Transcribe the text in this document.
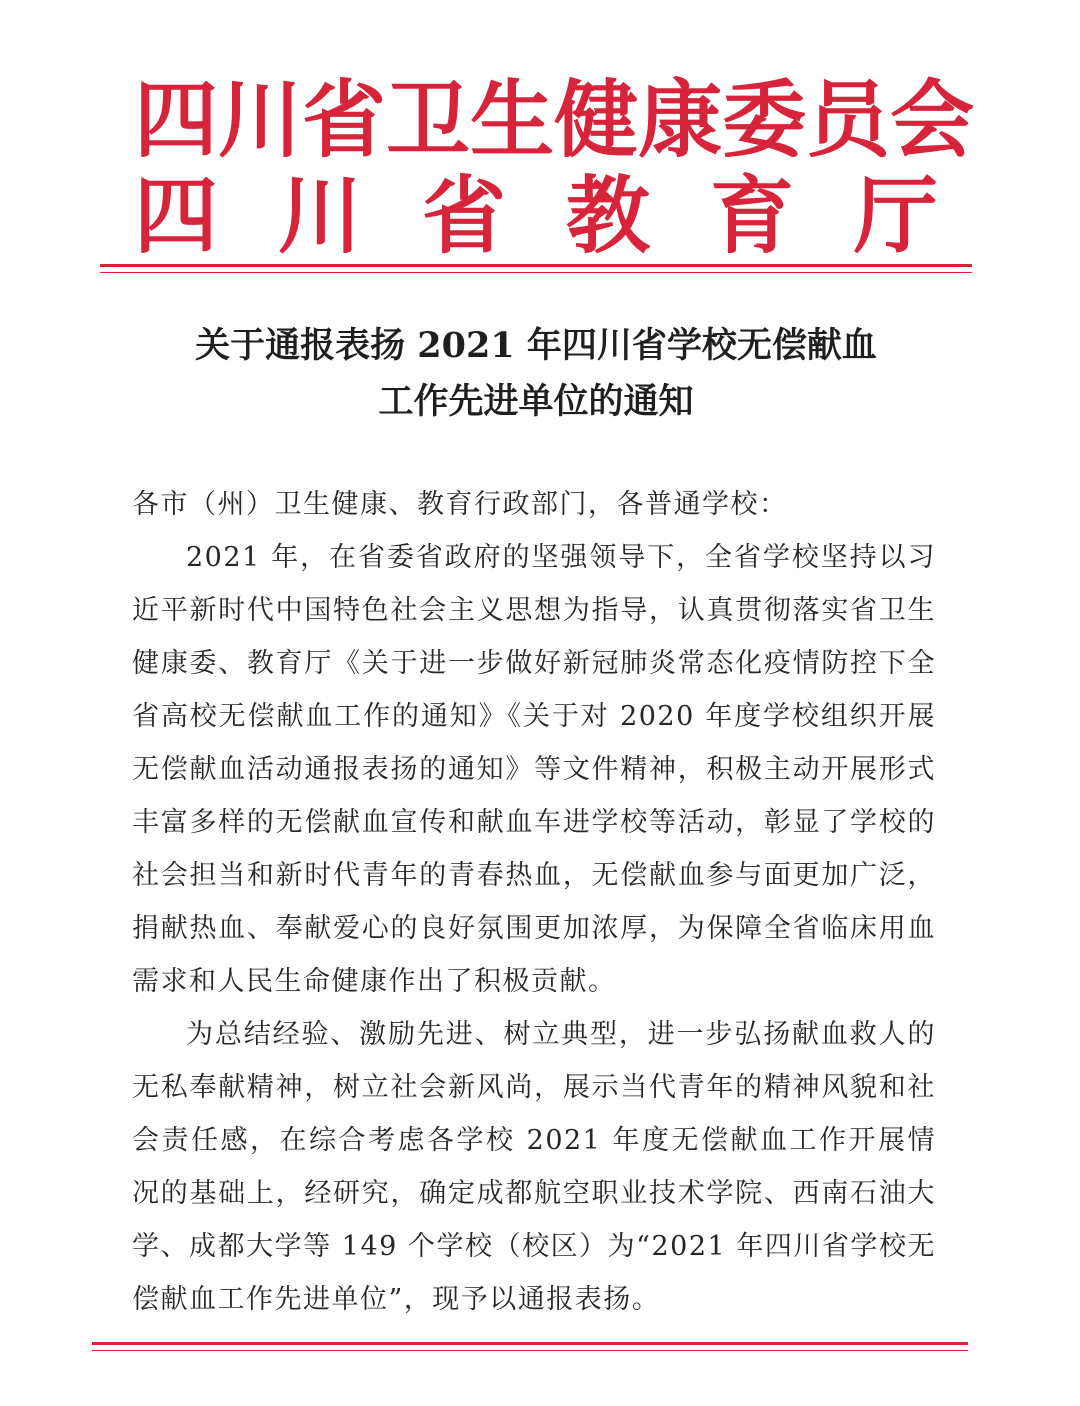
四 川 省 卫 生 健 康 委 员 会
四 川 省 教 育 厅
关于通报表扬 2021 年四川省学校无偿献血
工作先进单位的通知

各市（州）卫生健康、教育行政部门，各普通学校：

2021 年，在省委省政府的坚强领导下，全省学校坚持以习近平新时代中国特色社会主义思想为指导，认真贯彻落实省卫生健康委、教育厅《关于进一步做好新冠肺炎常态化疫情防控下全省高校无偿献血工作的通知》《关于对 2020 年度学校组织开展无偿献血活动通报表扬的通知》等文件精神，积极主动开展形式丰富多样的无偿献血宣传和献血车进学校等活动，彰显了学校的社会担当和新时代青年的青春热血，无偿献血参与面更加广泛，捐献热血、奉献爱心的良好氛围更加浓厚，为保障全省临床用血需求和人民生命健康作出了积极贡献。

为总结经验、激励先进、树立典型，进一步弘扬献血救人的无私奉献精神，树立社会新风尚，展示当代青年的精神风貌和社会责任感，在综合考虑各学校 2021 年度无偿献血工作开展情况的基础上，经研究，确定成都航空职业技术学院、西南石油大学、成都大学等 149 个学校（校区）为“2021 年四川省学校无偿献血工作先进单位”，现予以通报表扬。
